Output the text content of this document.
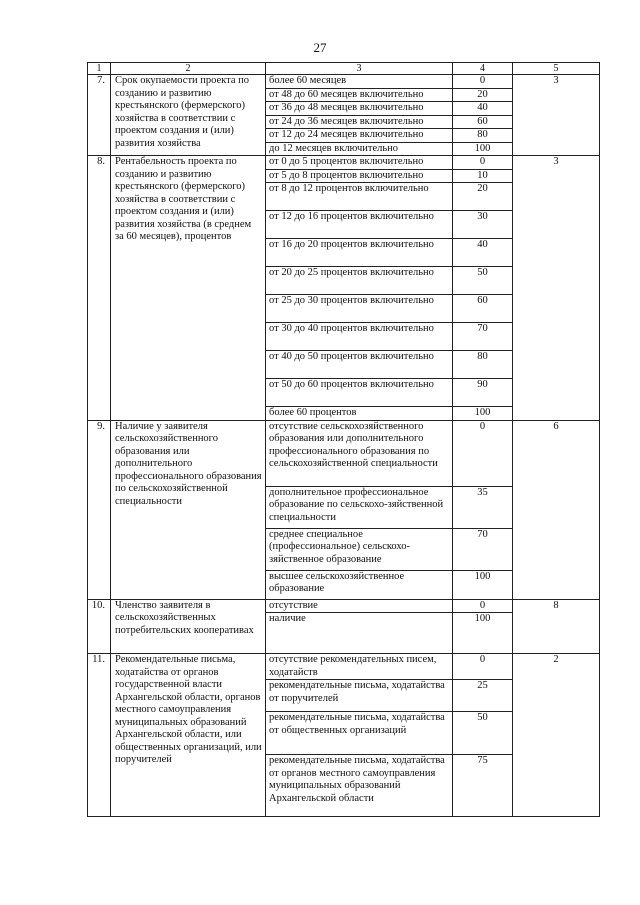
27
1	2	3	4	5
7.	Срок окупаемости проекта по созданию и развитию крестьянского (фермерского) хозяйства в соответствии с проектом создания и (или) развития хозяйства	более 60 месяцев	0	3
		от 48 до 60 месяцев включительно	20	
		от 36 до 48 месяцев включительно	40	
		от 24 до 36 месяцев включительно	60	
		от 12 до 24 месяцев включительно	80	
		до 12 месяцев включительно	100	
8.	Рентабельность проекта по созданию и развитию крестьянского (фермерского) хозяйства в соответствии с проектом создания и (или) развития хозяйства (в среднем за 60 месяцев), процентов	от 0 до 5 процентов включительно	0	3
		от 5 до 8 процентов включительно	10	
		от 8 до 12 процентов включительно	20	
		от 12 до 16 процентов включительно	30	
		от 16 до 20 процентов включительно	40	
		от 20 до 25 процентов включительно	50	
		от 25 до 30 процентов включительно	60	
		от 30 до 40 процентов включительно	70	
		от 40 до 50 процентов включительно	80	
		от 50 до 60 процентов включительно	90	
		более 60 процентов	100	
9.	Наличие у заявителя сельскохозяйственного образования или дополнительного профессионального образования по сельскохозяйственной специальности	отсутствие сельскохозяйственного образования или дополнительного профессионального образования по сельскохозяйственной специальности	0	6
		дополнительное профессиональное образование по сельскохо-зяйственной специальности	35	
		среднее специальное (профессиональное) сельскохо-зяйственное образование	70	
		высшее сельскохозяйственное образование	100	
10.	Членство заявителя в сельскохозяйственных потребительских кооперативах	отсутствие	0	8
		наличие	100	
11.	Рекомендательные письма, ходатайства от органов государственной власти Архангельской области, органов местного самоуправления муниципальных образований Архангельской области, или общественных организаций, или поручителей	отсутствие рекомендательных писем, ходатайств	0	2
		рекомендательные письма, ходатайства от поручителей	25	
		рекомендательные письма, ходатайства от общественных организаций	50	
		рекомендательные письма, ходатайства от органов местного самоуправления муниципальных образований Архангельской области	75	
